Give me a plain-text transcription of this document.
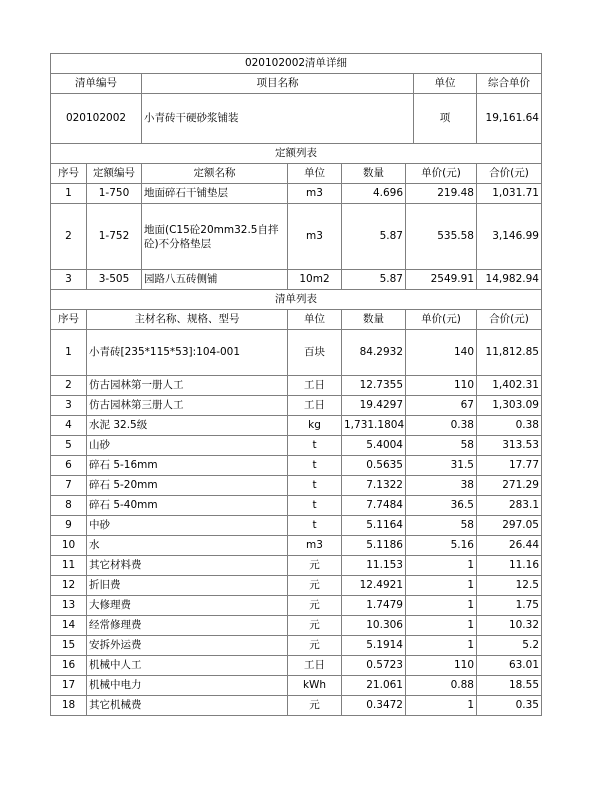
020102002清单详细							
清单编号		项目名称				单位	综合单价
020102002		小青砖干硬砂浆铺装				项	19,161.64
定额列表							
序号	定额编号	定额名称	单位	数量	单价(元)		合价(元)
1	1-750	地面碎石干铺垫层	m3	4.696	219.48		1,031.71
2	1-752	地面(C15砼20mm32.5自拌砼)不分格垫层	m3	5.87	535.58		3,146.99
3	3-505	园路八五砖侧铺	10m2	5.87	2549.91		14,982.94
清单列表							
序号	主材名称、规格、型号		单位	数量	单价(元)		合价(元)
1	小青砖[235*115*53]:104-001		百块	84.2932	140		11,812.85
2	仿古园林第一册人工		工日	12.7355	110		1,402.31
3	仿古园林第三册人工		工日	19.4297	67		1,303.09
4	水泥 32.5级		kg	1,731.1804	0.38		0.38
5	山砂		t	5.4004	58		313.53
6	碎石 5-16mm		t	0.5635	31.5		17.77
7	碎石 5-20mm		t	7.1322	38		271.29
8	碎石 5-40mm		t	7.7484	36.5		283.1
9	中砂		t	5.1164	58		297.05
10	水		m3	5.1186	5.16		26.44
11	其它材料费		元	11.153	1		11.16
12	折旧费		元	12.4921	1		12.5
13	大修理费		元	1.7479	1		1.75
14	经常修理费		元	10.306	1		10.32
15	安拆外运费		元	5.1914	1		5.2
16	机械中人工		工日	0.5723	110		63.01
17	机械中电力		kWh	21.061	0.88		18.55
18	其它机械费		元	0.3472	1		0.35
